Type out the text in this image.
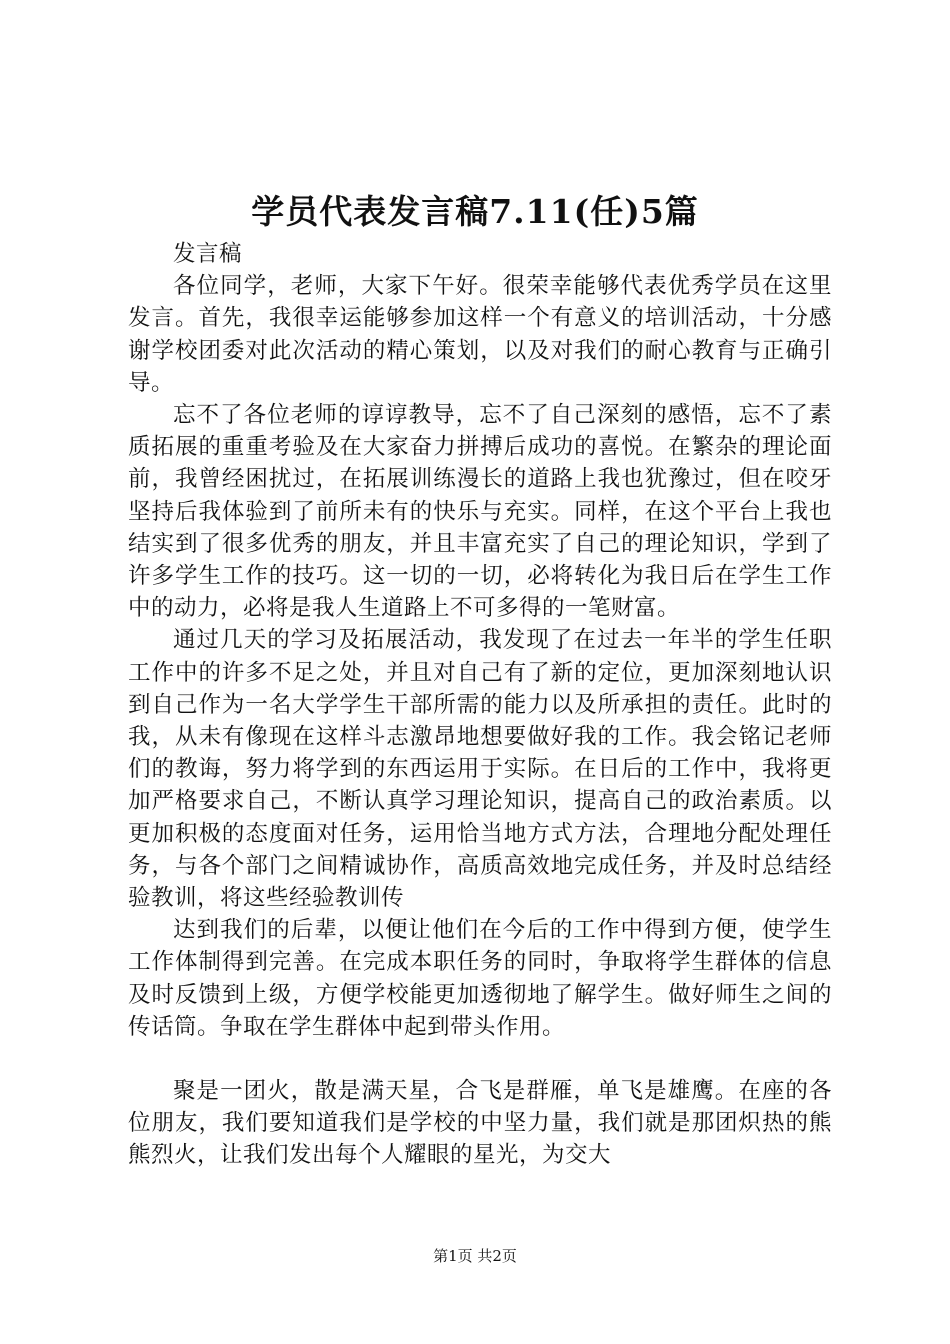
学员代表发言稿7.11(任)5篇

发言稿

各位同学，老师，大家下午好。很荣幸能够代表优秀学员在这里发言。首先，我很幸运能够参加这样一个有意义的培训活动，十分感谢学校团委对此次活动的精心策划，以及对我们的耐心教育与正确引导。

忘不了各位老师的谆谆教导，忘不了自己深刻的感悟，忘不了素质拓展的重重考验及在大家奋力拼搏后成功的喜悦。在繁杂的理论面前，我曾经困扰过，在拓展训练漫长的道路上我也犹豫过，但在咬牙坚持后我体验到了前所未有的快乐与充实。同样，在这个平台上我也结实到了很多优秀的朋友，并且丰富充实了自己的理论知识，学到了许多学生工作的技巧。这一切的一切，必将转化为我日后在学生工作中的动力，必将是我人生道路上不可多得的一笔财富。

通过几天的学习及拓展活动，我发现了在过去一年半的学生任职工作中的许多不足之处，并且对自己有了新的定位，更加深刻地认识到自己作为一名大学学生干部所需的能力以及所承担的责任。此时的我，从未有像现在这样斗志激昂地想要做好我的工作。我会铭记老师们的教诲，努力将学到的东西运用于实际。在日后的工作中，我将更加严格要求自己，不断认真学习理论知识，提高自己的政治素质。以更加积极的态度面对任务，运用恰当地方式方法，合理地分配处理任务，与各个部门之间精诚协作，高质高效地完成任务，并及时总结经验教训，将这些经验教训传

达到我们的后辈，以便让他们在今后的工作中得到方便，使学生工作体制得到完善。在完成本职任务的同时，争取将学生群体的信息及时反馈到上级，方便学校能更加透彻地了解学生。做好师生之间的传话筒。争取在学生群体中起到带头作用。

聚是一团火，散是满天星，合飞是群雁，单飞是雄鹰。在座的各位朋友，我们要知道我们是学校的中坚力量，我们就是那团炽热的熊熊烈火，让我们发出每个人耀眼的星光，为交大

第1页 共2页
